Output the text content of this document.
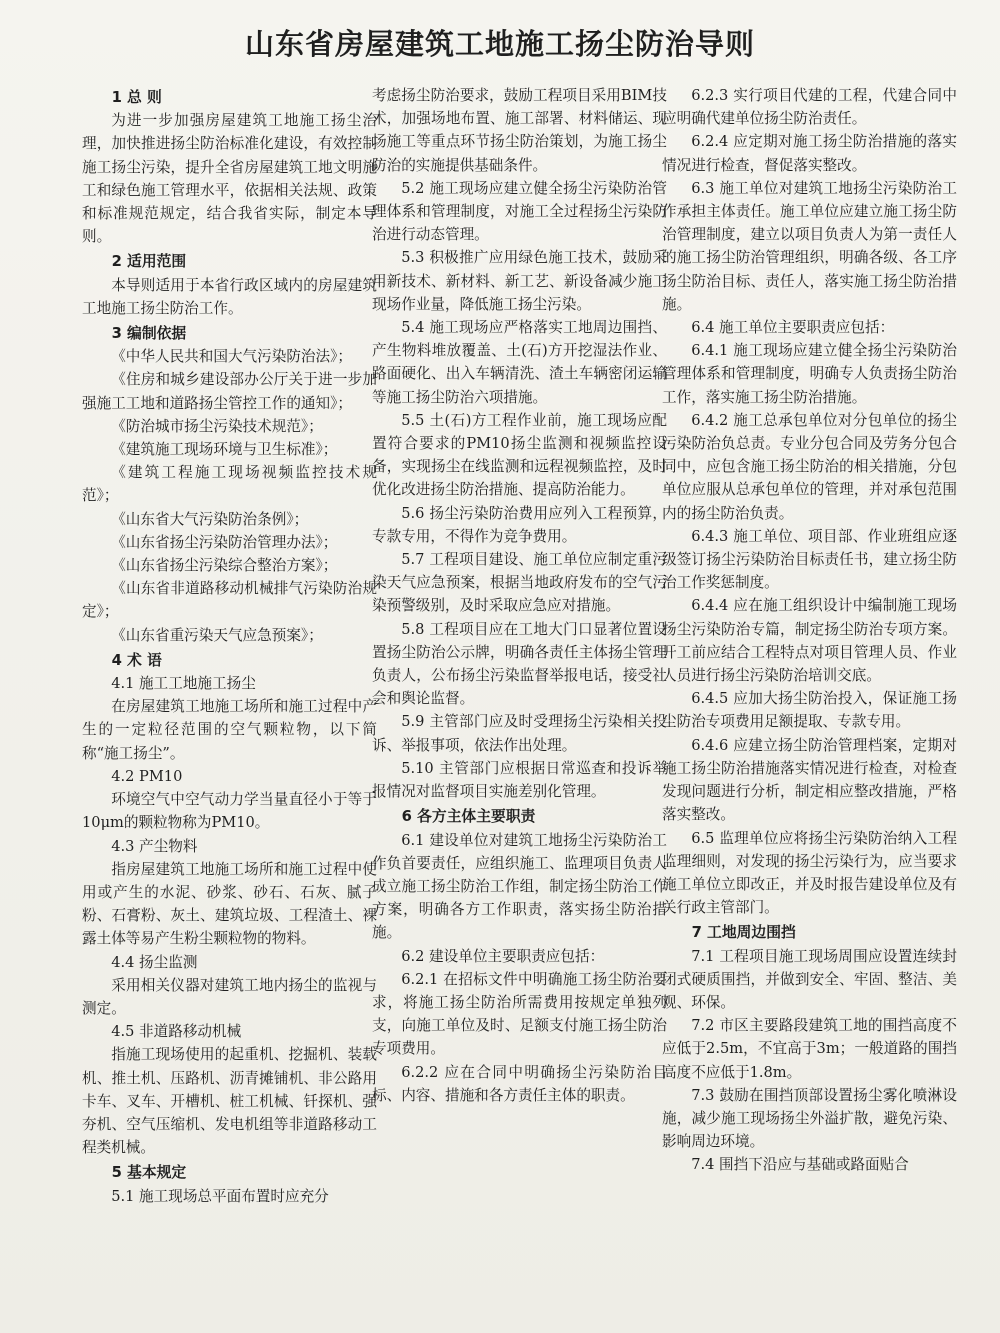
山东省房屋建筑工地施工扬尘防治导则
1 总 则

为进一步加强房屋建筑工地施工扬尘治理，加快推进扬尘防治标准化建设，有效控制施工扬尘污染，提升全省房屋建筑工地文明施工和绿色施工管理水平，依据相关法规、政策和标准规范规定，结合我省实际，制定本导则。

2 适用范围

本导则适用于本省行政区域内的房屋建筑工地施工扬尘防治工作。

3 编制依据

《中华人民共和国大气污染防治法》；

《住房和城乡建设部办公厅关于进一步加强施工工地和道路扬尘管控工作的通知》；

《防治城市扬尘污染技术规范》；

《建筑施工现场环境与卫生标准》；

《建筑工程施工现场视频监控技术规范》；

《山东省大气污染防治条例》；

《山东省扬尘污染防治管理办法》；

《山东省扬尘污染综合整治方案》；

《山东省非道路移动机械排气污染防治规定》；

《山东省重污染天气应急预案》；

4 术 语

4.1 施工工地施工扬尘

在房屋建筑工地施工场所和施工过程中产生的一定粒径范围的空气颗粒物，以下简称“施工扬尘”。

4.2 PM10

环境空气中空气动力学当量直径小于等于10μm的颗粒物称为PM10。

4.3 产尘物料

指房屋建筑工地施工场所和施工过程中使用或产生的水泥、砂浆、砂石、石灰、腻子粉、石膏粉、灰土、建筑垃圾、工程渣土、裸露土体等易产生粉尘颗粒物的物料。

4.4 扬尘监测

采用相关仪器对建筑工地内扬尘的监视与测定。

4.5 非道路移动机械

指施工现场使用的起重机、挖掘机、装载机、推土机、压路机、沥青摊铺机、非公路用卡车、叉车、开槽机、桩工机械、钎探机、强夯机、空气压缩机、发电机组等非道路移动工程类机械。

5 基本规定

5.1 施工现场总平面布置时应充分

考虑扬尘防治要求，鼓励工程项目采用BIM技术，加强场地布置、施工部署、材料储运、现场施工等重点环节扬尘防治策划，为施工扬尘防治的实施提供基础条件。

5.2 施工现场应建立健全扬尘污染防治管理体系和管理制度，对施工全过程扬尘污染防治进行动态管理。

5.3 积极推广应用绿色施工技术，鼓励采用新技术、新材料、新工艺、新设备减少施工现场作业量，降低施工扬尘污染。

5.4 施工现场应严格落实工地周边围挡、产生物料堆放覆盖、土(石)方开挖湿法作业、路面硬化、出入车辆清洗、渣土车辆密闭运输等施工扬尘防治六项措施。

5.5 土(石)方工程作业前，施工现场应配置符合要求的PM10扬尘监测和视频监控设备，实现扬尘在线监测和远程视频监控，及时优化改进扬尘防治措施、提高防治能力。

5.6 扬尘污染防治费用应列入工程预算，专款专用，不得作为竞争费用。

5.7 工程项目建设、施工单位应制定重污染天气应急预案，根据当地政府发布的空气污染预警级别，及时采取应急应对措施。

5.8 工程项目应在工地大门口显著位置设置扬尘防治公示牌，明确各责任主体扬尘管理负责人，公布扬尘污染监督举报电话，接受社会和舆论监督。

5.9 主管部门应及时受理扬尘污染相关投诉、举报事项，依法作出处理。

5.10 主管部门应根据日常巡查和投诉举报情况对监督项目实施差别化管理。

6 各方主体主要职责

6.1 建设单位对建筑工地扬尘污染防治工作负首要责任，应组织施工、监理项目负责人成立施工扬尘防治工作组，制定扬尘防治工作方案，明确各方工作职责，落实扬尘防治措施。

6.2 建设单位主要职责应包括：

6.2.1 在招标文件中明确施工扬尘防治要求，将施工扬尘防治所需费用按规定单独列支，向施工单位及时、足额支付施工扬尘防治专项费用。

6.2.2 应在合同中明确扬尘污染防治目标、内容、措施和各方责任主体的职责。

6.2.3 实行项目代建的工程，代建合同中应明确代建单位扬尘防治责任。

6.2.4 应定期对施工扬尘防治措施的落实情况进行检查，督促落实整改。

6.3 施工单位对建筑工地扬尘污染防治工作承担主体责任。施工单位应建立施工扬尘防治管理制度，建立以项目负责人为第一责任人的施工扬尘防治管理组织，明确各级、各工序扬尘防治目标、责任人，落实施工扬尘防治措施。

6.4 施工单位主要职责应包括：

6.4.1 施工现场应建立健全扬尘污染防治管理体系和管理制度，明确专人负责扬尘防治工作，落实施工扬尘防治措施。

6.4.2 施工总承包单位对分包单位的扬尘污染防治负总责。专业分包合同及劳务分包合同中，应包含施工扬尘防治的相关措施，分包单位应服从总承包单位的管理，并对承包范围内的扬尘防治负责。

6.4.3 施工单位、项目部、作业班组应逐级签订扬尘污染防治目标责任书，建立扬尘防治工作奖惩制度。

6.4.4 应在施工组织设计中编制施工现场扬尘污染防治专篇，制定扬尘防治专项方案。开工前应结合工程特点对项目管理人员、作业人员进行扬尘污染防治培训交底。

6.4.5 应加大扬尘防治投入，保证施工扬尘防治专项费用足额提取、专款专用。

6.4.6 应建立扬尘防治管理档案，定期对施工扬尘防治措施落实情况进行检查，对检查发现问题进行分析，制定相应整改措施，严格落实整改。

6.5 监理单位应将扬尘污染防治纳入工程监理细则，对发现的扬尘污染行为，应当要求施工单位立即改正，并及时报告建设单位及有关行政主管部门。

7 工地周边围挡

7.1 工程项目施工现场周围应设置连续封闭式硬质围挡，并做到安全、牢固、整洁、美观、环保。

7.2 市区主要路段建筑工地的围挡高度不应低于2.5m，不宜高于3m；一般道路的围挡高度不应低于1.8m。

7.3 鼓励在围挡顶部设置扬尘雾化喷淋设施，减少施工现场扬尘外溢扩散，避免污染、影响周边环境。

7.4 围挡下沿应与基础或路面贴合
